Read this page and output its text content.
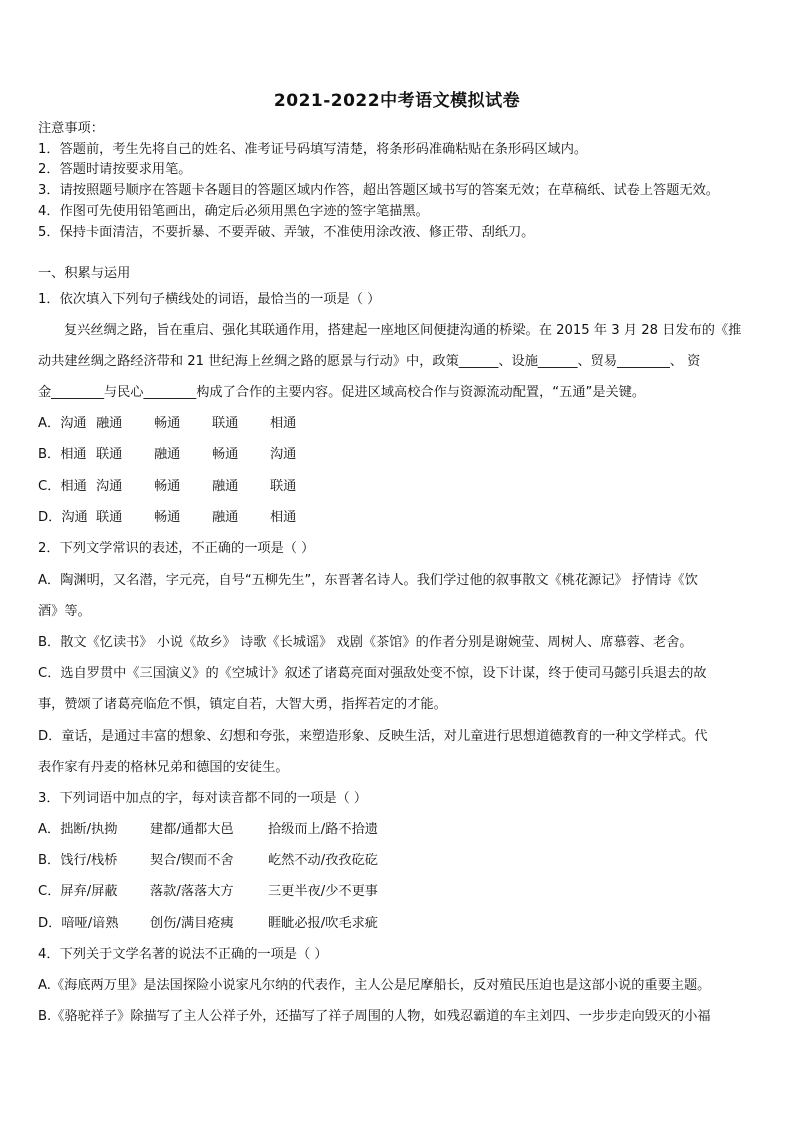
2021-2022中考语文模拟试卷
注意事项：
1．答题前，考生先将自己的姓名、准考证号码填写清楚，将条形码准确粘贴在条形码区域内。
2．答题时请按要求用笔。
3．请按照题号顺序在答题卡各题目的答题区域内作答，超出答题区域书写的答案无效；在草稿纸、试卷上答题无效。
4．作图可先使用铅笔画出，确定后必须用黑色字迹的签字笔描黑。
5．保持卡面清洁，不要折暴、不要弄破、弄皱，不准使用涂改液、修正带、刮纸刀。
一、积累与运用
1．依次填入下列句子横线处的词语，最恰当的一项是（ ）
复兴丝绸之路，旨在重启、强化其联通作用，搭建起一座地区间便捷沟通的桥梁。在 2015 年 3 月 28 日发布的《推
动共建丝绸之路经济带和 21 世纪海上丝绸之路的愿景与行动》中，政策______、设施______、贸易________、 资
金________与民心________构成了合作的主要内容。促进区域高校合作与资源流动配置，“五通”是关键。
A．沟通 融通 畅通 联通 相通
B．相通 联通 融通 畅通 沟通
C．相通 沟通 畅通 融通 联通
D．沟通 联通 畅通 融通 相通
2．下列文学常识的表述，不正确的一项是（ ）
A．陶渊明，又名潜，字元亮，自号“五柳先生”，东晋著名诗人。我们学过他的叙事散文《桃花源记》 抒情诗《饮
酒》等。
B．散文《忆读书》 小说《故乡》 诗歌《长城谣》 戏剧《茶馆》的作者分别是谢婉莹、周树人、席慕蓉、老舍。
C．选自罗贯中《三国演义》的《空城计》叙述了诸葛亮面对强敌处变不惊，设下计谋，终于使司马懿引兵退去的故
事，赞颂了诸葛亮临危不惧，镇定自若，大智大勇，指挥若定的才能。
D．童话，是通过丰富的想象、幻想和夸张，来塑造形象、反映生活，对儿童进行思想道德教育的一种文学样式。代
表作家有丹麦的格林兄弟和德国的安徒生。
3．下列词语中加点的字，每对读音都不同的一项是（ ）
A．拙断/执拗 建都/通都大邑	拾级而上/路不拾遗
B．饯行/栈桥 契合/锲而不舍	屹然不动/孜孜矻矻
C．屏弃/屏蔽 落款/落落大方	三更半夜/少不更事
D．喑哑/谙熟 创伤/满目疮痍	睚眦必报/吹毛求疵
4．下列关于文学名著的说法不正确的一项是（ ）
A.《海底两万里》是法国探险小说家凡尔纳的代表作，主人公是尼摩船长，反对殖民压迫也是这部小说的重要主题。
B.《骆驼祥子》除描写了主人公祥子外，还描写了祥子周围的人物，如残忍霸道的车主刘四、一步步走向毁灭的小福
